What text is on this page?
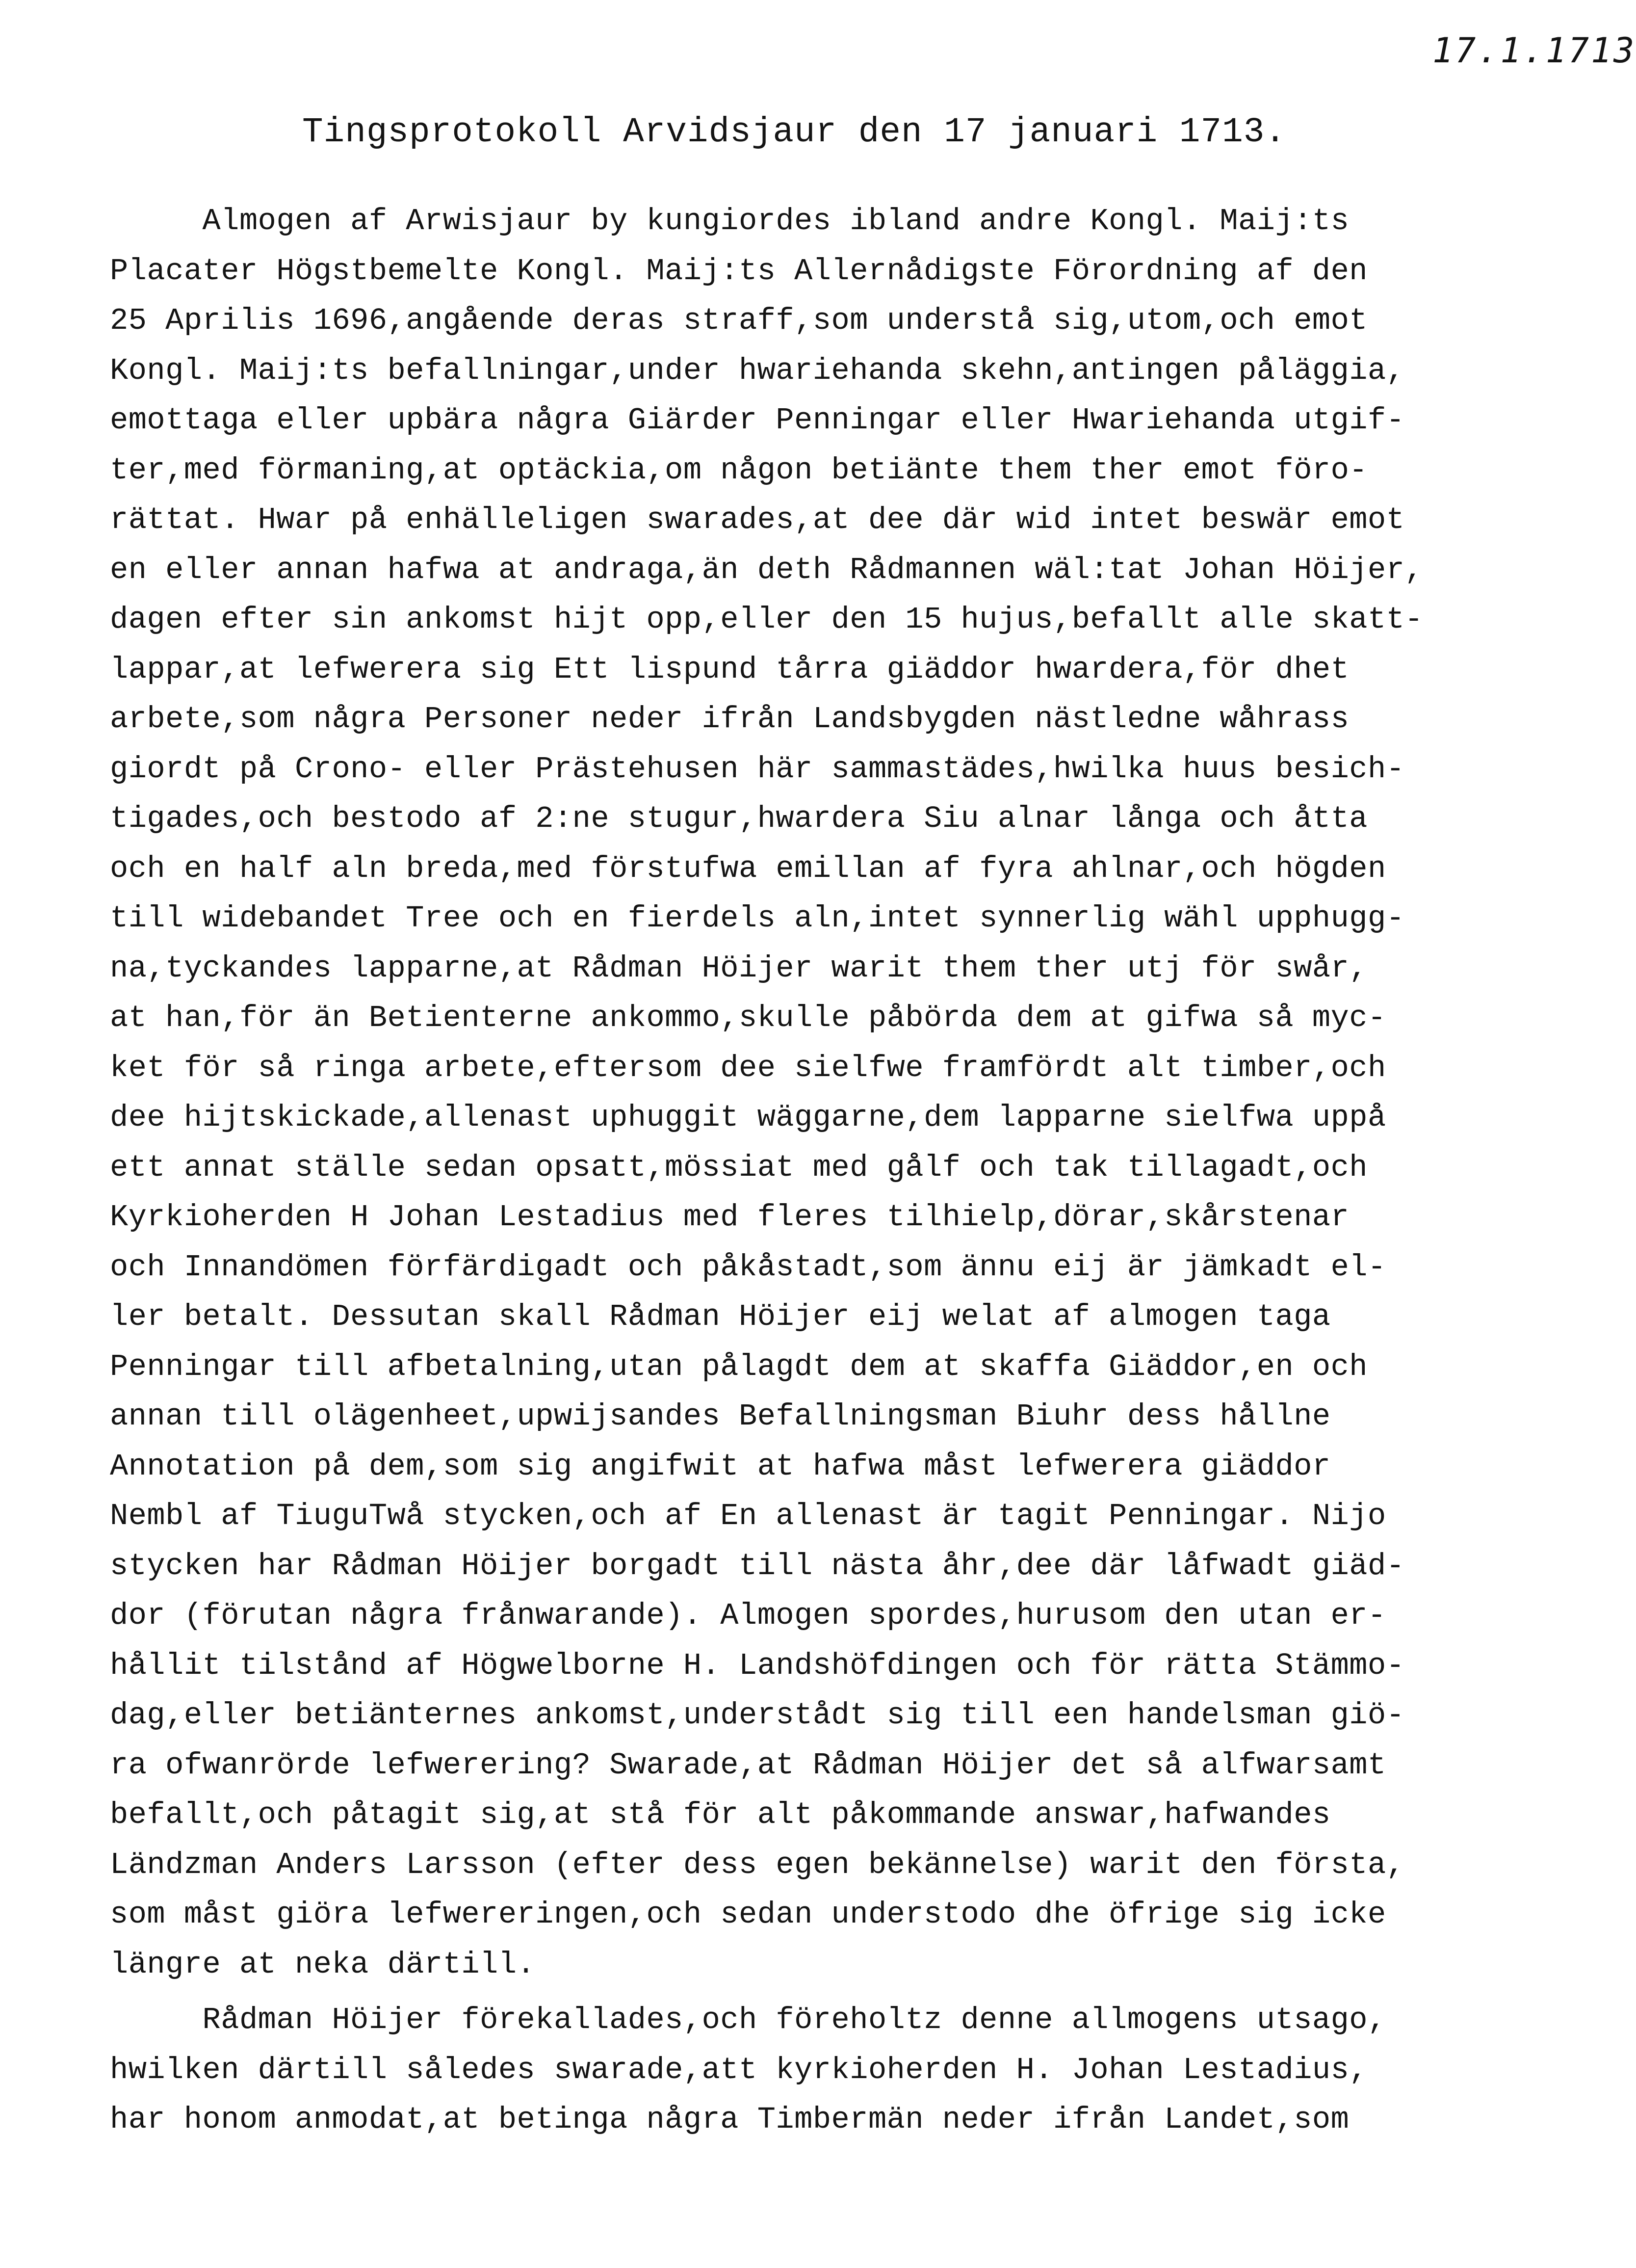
17.1.1713
Tingsprotokoll Arvidsjaur den 17 januari 1713.
Almogen af Arwisjaur by kungiordes ibland andre Kongl. Maij:ts
Placater Högstbemelte Kongl. Maij:ts Allernådigste Förordning af den
25 Aprilis 1696,angående deras straff,som understå sig,utom,och emot
Kongl. Maij:ts befallningar,under hwariehanda skehn,antingen påläggia,
emottaga eller upbära några Giärder Penningar eller Hwariehanda utgif-
ter,med förmaning,at optäckia,om någon betiänte them ther emot föro-
rättat. Hwar på enhälleligen swarades,at dee där wid intet beswär emot
en eller annan hafwa at andraga,än deth Rådmannen wäl:tat Johan Höijer,
dagen efter sin ankomst hijt opp,eller den 15 hujus,befallt alle skatt-
lappar,at lefwerera sig Ett lispund tårra giäddor hwardera,för dhet
arbete,som några Personer neder ifrån Landsbygden nästledne wåhrass
giordt på Crono- eller Prästehusen här sammastädes,hwilka huus besich-
tigades,och bestodo af 2:ne stugur,hwardera Siu alnar långa och åtta
och en half aln breda,med förstufwa emillan af fyra ahlnar,och högden
till widebandet Tree och en fierdels aln,intet synnerlig wähl upphugg-
na,tyckandes lapparne,at Rådman Höijer warit them ther utj för swår,
at han,för än Betienterne ankommo,skulle påbörda dem at gifwa så myc-
ket för så ringa arbete,eftersom dee sielfwe framfördt alt timber,och
dee hijtskickade,allenast uphuggit wäggarne,dem lapparne sielfwa uppå
ett annat ställe sedan opsatt,mössiat med gålf och tak tillagadt,och
Kyrkioherden H Johan Lestadius med fleres tilhielp,dörar,skårstenar
och Innandömen förfärdigadt och påkåstadt,som ännu eij är jämkadt el-
ler betalt. Dessutan skall Rådman Höijer eij welat af almogen taga
Penningar till afbetalning,utan pålagdt dem at skaffa Giäddor,en och
annan till olägenheet,upwijsandes Befallningsman Biuhr dess hållne
Annotation på dem,som sig angifwit at hafwa måst lefwerera giäddor
Nembl af TiuguTwå stycken,och af En allenast är tagit Penningar. Nijo
stycken har Rådman Höijer borgadt till nästa åhr,dee där låfwadt giäd-
dor (förutan några frånwarande). Almogen spordes,hurusom den utan er-
hållit tilstånd af Högwelborne H. Landshöfdingen och för rätta Stämmo-
dag,eller betiänternes ankomst,understådt sig till een handelsman giö-
ra ofwanrörde lefwerering? Swarade,at Rådman Höijer det så alfwarsamt
befallt,och påtagit sig,at stå för alt påkommande answar,hafwandes
Ländzman Anders Larsson (efter dess egen bekännelse) warit den första,
som måst giöra lefwereringen,och sedan understodo dhe öfrige sig icke
längre at neka därtill.
Rådman Höijer förekallades,och föreholtz denne allmogens utsago,
hwilken därtill således swarade,att kyrkioherden H. Johan Lestadius,
har honom anmodat,at betinga några Timbermän neder ifrån Landet,som
